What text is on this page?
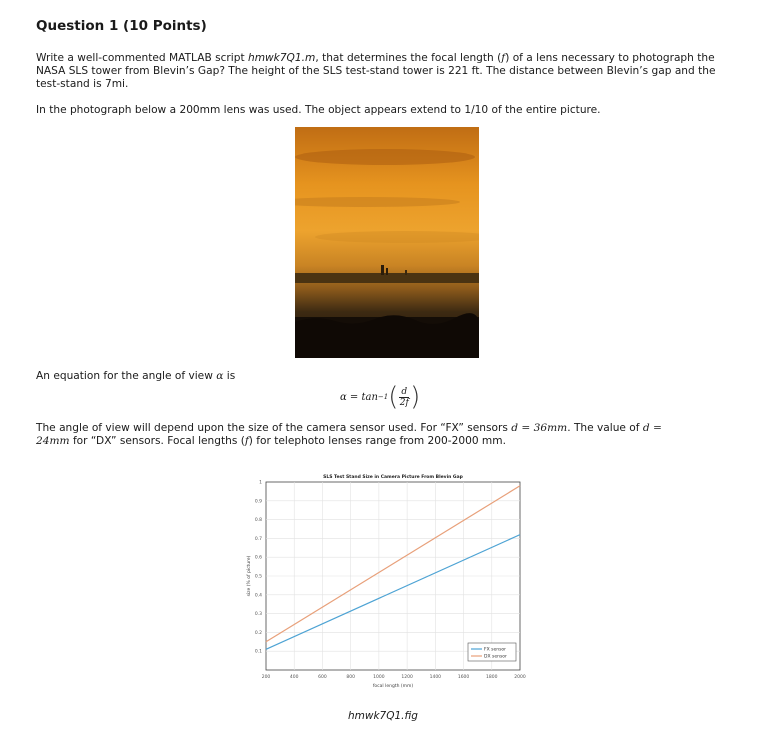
Question 1 (10 Points)
Write a well-commented MATLAB script hmwk7Q1.m, that determines the focal length (f) of a lens necessary to photograph the NASA SLS tower from Blevin’s Gap? The height of the SLS test-stand tower is 221 ft. The distance between Blevin’s gap and the test-stand is 7mi.
In the photograph below a 200mm lens was used. The object appears extend to 1/10 of the entire picture.
An equation for the angle of view α is
α = tan −1 ( $\frac{d}{2f}$ )
The angle of view will depend upon the size of the camera sensor used. For “FX” sensors d = 36mm. The value of d =
24mm for “DX” sensors. Focal lengths (f) for telephoto lenses range from 200-2000 mm.
SLS Test Stand Size in Camera Picture From Blevin Gap
200	400	600	800	1000	1200	1400	1600	1800	2000
0.1
0.2
0.3
0.4
0.5
0.6
0.7
0.8
0.9
1
focal length (mm)
size (% of picture)
FX sensor
DX sensor
hmwk7Q1.fig
